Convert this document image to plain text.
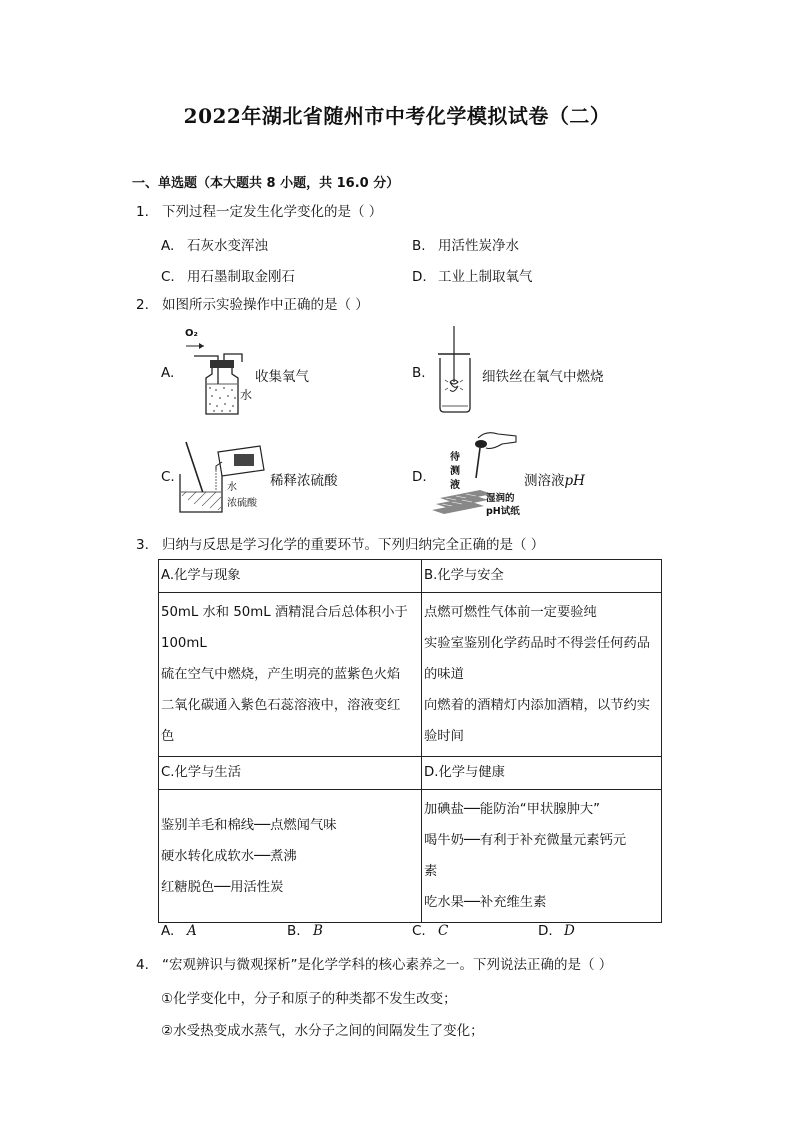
2022年湖北省随州市中考化学模拟试卷（二）
一、单选题（本大题共 8 小题，共 16.0 分）
1. 下列过程一定发生化学变化的是（ ）
A. 石灰水变浑浊	B. 用活性炭净水
C. 用石墨制取金刚石	D. 工业上制取氧气
2. 如图所示实验操作中正确的是（ ）
A.
O₂
水
收集氧气	B.	细铁丝在氧气中燃烧
C.
水
浓硫酸
稀释浓硫酸	D.
待
测
液
湿润的
pH试纸
测溶液pH
3. 归纳与反思是学习化学的重要环节。下列归纳完全正确的是（ ）
A.化学与现象	B.化学与安全

50mL 水和 50mL 酒精混合后总体积小于
100mL
硫在空气中燃烧，产生明亮的蓝紫色火焰
二氧化碳通入紫色石蕊溶液中，溶液变红
色	点燃可燃性气体前一定要验纯
实验室鉴别化学药品时不得尝任何药品
的味道
向燃着的酒精灯内添加酒精，以节约实
验时间

C.化学与生活	D.化学与健康

鉴别羊毛和棉线──点燃闻气味
硬水转化成软水──煮沸
红糖脱色──用活性炭	加碘盐──能防治“甲状腺肿大”
喝牛奶──有利于补充微量元素钙元
素
吃水果──补充维生素
A. A	B. B	C. C	D. D
4. “宏观辨识与微观探析”是化学学科的核心素养之一。下列说法正确的是（ ）
①化学变化中，分子和原子的种类都不发生改变；
②水受热变成水蒸气，水分子之间的间隔发生了变化；
